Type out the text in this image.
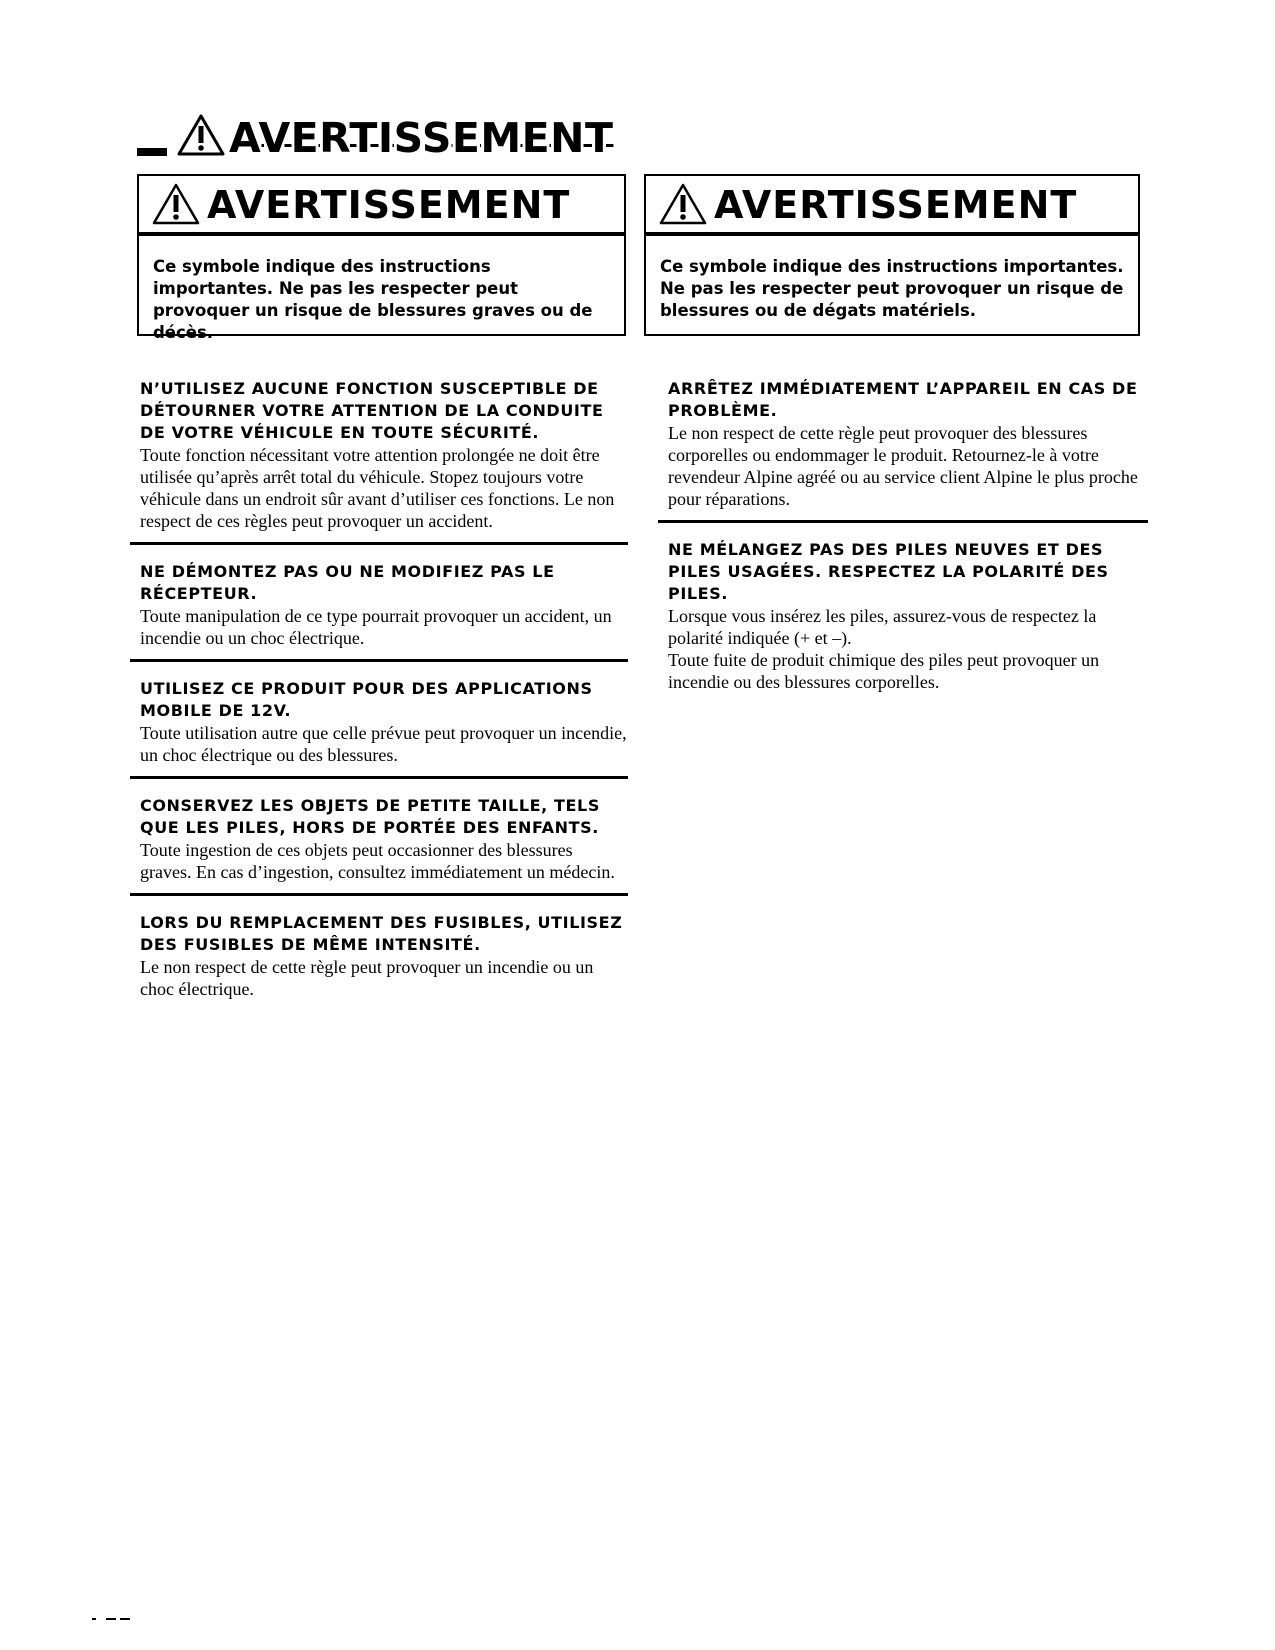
AVERTISSEMENT
AVERTISSEMENT
Ce symbole indique des instructions importantes. Ne pas les respecter peut provoquer un risque de blessures graves ou de décès.
AVERTISSEMENT
Ce symbole indique des instructions importantes. Ne pas les respecter peut provoquer un risque de blessures ou de dégats matériels.

N’UTILISEZ AUCUNE FONCTION SUSCEPTIBLE DE DÉTOURNER VOTRE ATTENTION DE LA CONDUITE DE VOTRE VÉHICULE EN TOUTE SÉCURITÉ.

Toute fonction nécessitant votre attention prolongée ne doit être utilisée qu’après arrêt total du véhicule. Stopez toujours votre véhicule dans un endroit sûr avant d’utiliser ces fonctions. Le non respect de ces règles peut provoquer un accident.

NE DÉMONTEZ PAS OU NE MODIFIEZ PAS LE RÉCEPTEUR.

Toute manipulation de ce type pourrait provoquer un accident, un incendie ou un choc électrique.

UTILISEZ CE PRODUIT POUR DES APPLICATIONS MOBILE DE 12V.

Toute utilisation autre que celle prévue peut provoquer un incendie, un choc électrique ou des blessures.

CONSERVEZ LES OBJETS DE PETITE TAILLE, TELS QUE LES PILES, HORS DE PORTÉE DES ENFANTS.

Toute ingestion de ces objets peut occasionner des blessures graves. En cas d’ingestion, consultez immédiatement un médecin.

LORS DU REMPLACEMENT DES FUSIBLES, UTILISEZ DES FUSIBLES DE MÊME INTENSITÉ.

Le non respect de cette règle peut provoquer un incendie ou un choc électrique.

ARRÊTEZ IMMÉDIATEMENT L’APPAREIL EN CAS DE PROBLÈME.

Le non respect de cette règle peut provoquer des blessures corporelles ou endommager le produit. Retournez-le à votre revendeur Alpine agréé ou au service client Alpine le plus proche pour réparations.

NE MÉLANGEZ PAS DES PILES NEUVES ET DES PILES USAGÉES. RESPECTEZ LA POLARITÉ DES PILES.

Lorsque vous insérez les piles, assurez-vous de respectez la polarité indiquée (+ et –).
Toute fuite de produit chimique des piles peut provoquer un incendie ou des blessures corporelles.
